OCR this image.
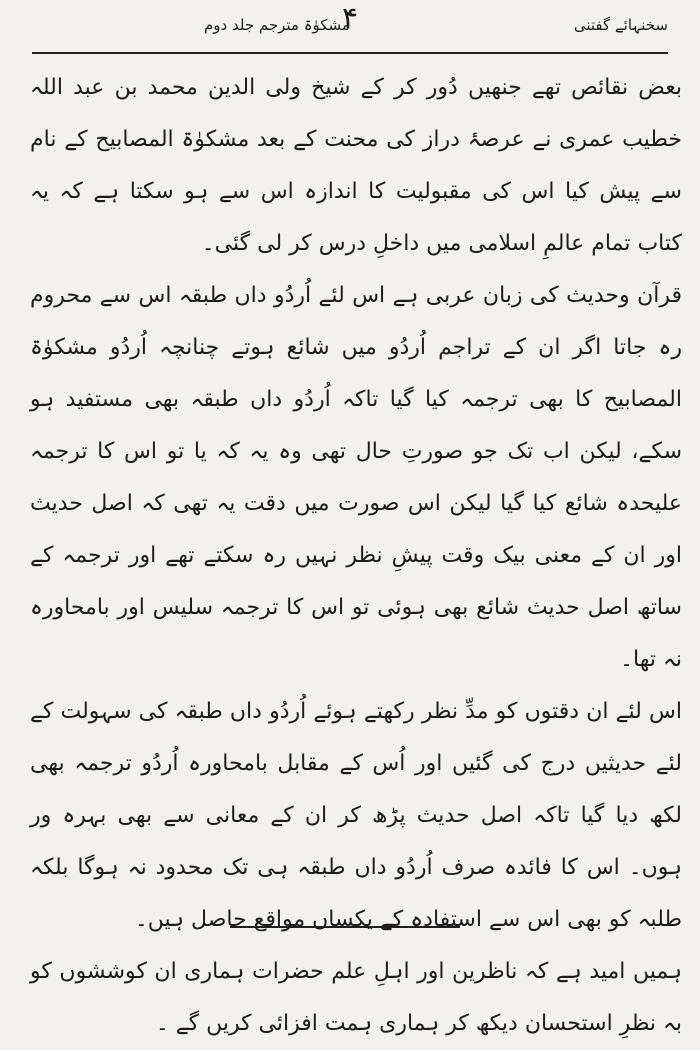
مشکوٰۃ مترجم جلد دوم
۴	سخنہائے گفتنی

بعض نقائص تھے جنھیں دُور کر کے شیخ ولی الدین محمد بن عبد اللہ خطیب عمری نے عرصۂ دراز کی محنت کے بعد مشکوٰۃ المصابیح کے نام سے پیش کیا اس کی مقبولیت کا اندازہ اس سے ہو سکتا ہے کہ یہ کتاب تمام عالمِ اسلامی میں داخلِ درس کر لی گئی۔

قرآن وحدیث کی زبان عربی ہے اس لئے اُردُو داں طبقہ اس سے محروم رہ جاتا اگر ان کے تراجم اُردُو میں شائع ہوتے چنانچہ اُردُو مشکوٰۃ المصابیح کا بھی ترجمہ کیا گیا تاکہ اُردُو داں طبقہ بھی مستفید ہو سکے، لیکن اب تک جو صورتِ حال تھی وہ یہ کہ یا تو اس کا ترجمہ علیحدہ شائع کیا گیا لیکن اس صورت میں دقت یہ تھی کہ اصل حدیث اور ان کے معنی بیک وقت پیشِ نظر نہیں رہ سکتے تھے اور ترجمہ کے ساتھ اصل حدیث شائع بھی ہوئی تو اس کا ترجمہ سلیس اور بامحاورہ نہ تھا۔

اس لئے ان دقتوں کو مدِّ نظر رکھتے ہوئے اُردُو داں طبقہ کی سہولت کے لئے حدیثیں درج کی گئیں اور اُس کے مقابل بامحاورہ اُردُو ترجمہ بھی لکھ دیا گیا تاکہ اصل حدیث پڑھ کر ان کے معانی سے بھی بہرہ ور ہوں۔ اس کا فائدہ صرف اُردُو داں طبقہ ہی تک محدود نہ ہوگا بلکہ طلبہ کو بھی اس سے استفادہ کے یکساں مواقع حاصل ہیں۔

ہمیں امید ہے کہ ناظرین اور اہلِ علم حضرات ہماری ان کوششوں کو بہ نظرِ استحسان دیکھ کر ہماری ہمت افزائی کریں گے ۔
